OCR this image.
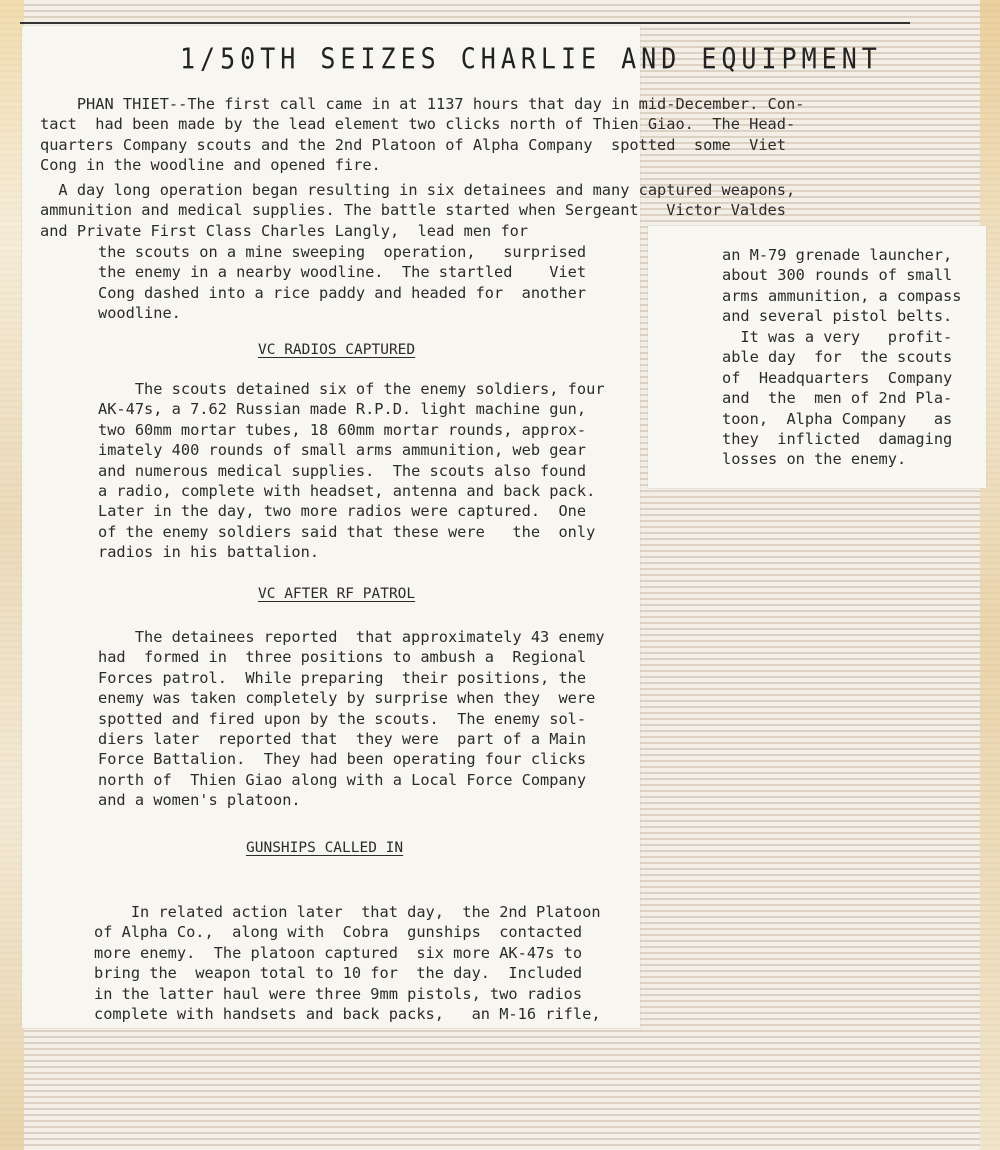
1/50TH SEIZES CHARLIE AND EQUIPMENT
PHAN THIET--The first call came in at 1137 hours that day in mid-December. Con-
tact  had been made by the lead element two clicks north of Thien Giao.  The Head-
quarters Company scouts and the 2nd Platoon of Alpha Company  spotted  some  Viet
Cong in the woodline and opened fire.
A day long operation began resulting in six detainees and many captured weapons,
ammunition and medical supplies. The battle started when Sergeant   Victor Valdes
and Private First Class Charles Langly,  lead men for
the scouts on a mine sweeping  operation,   surprised
the enemy in a nearby woodline.  The startled    Viet
Cong dashed into a rice paddy and headed for  another
woodline.
VC RADIOS CAPTURED
The scouts detained six of the enemy soldiers, four
AK-47s, a 7.62 Russian made R.P.D. light machine gun,
two 60mm mortar tubes, 18 60mm mortar rounds, approx-
imately 400 rounds of small arms ammunition, web gear
and numerous medical supplies.  The scouts also found
a radio, complete with headset, antenna and back pack.
Later in the day, two more radios were captured.  One
of the enemy soldiers said that these were   the  only
radios in his battalion.
VC AFTER RF PATROL
The detainees reported  that approximately 43 enemy
had  formed in  three positions to ambush a  Regional
Forces patrol.  While preparing  their positions, the
enemy was taken completely by surprise when they  were
spotted and fired upon by the scouts.  The enemy sol-
diers later  reported that  they were  part of a Main
Force Battalion.  They had been operating four clicks
north of  Thien Giao along with a Local Force Company
and a women's platoon.
GUNSHIPS CALLED IN
In related action later  that day,  the 2nd Platoon
of Alpha Co.,  along with  Cobra  gunships  contacted
more enemy.  The platoon captured  six more AK-47s to
bring the  weapon total to 10 for  the day.  Included
in the latter haul were three 9mm pistols, two radios
complete with handsets and back packs,   an M-16 rifle,
an M-79 grenade launcher,
about 300 rounds of small
arms ammunition, a compass
and several pistol belts.
It was a very   profit-
able day  for  the scouts
of  Headquarters  Company
and  the  men of 2nd Pla-
toon,  Alpha Company   as
they  inflicted  damaging
losses on the enemy.
